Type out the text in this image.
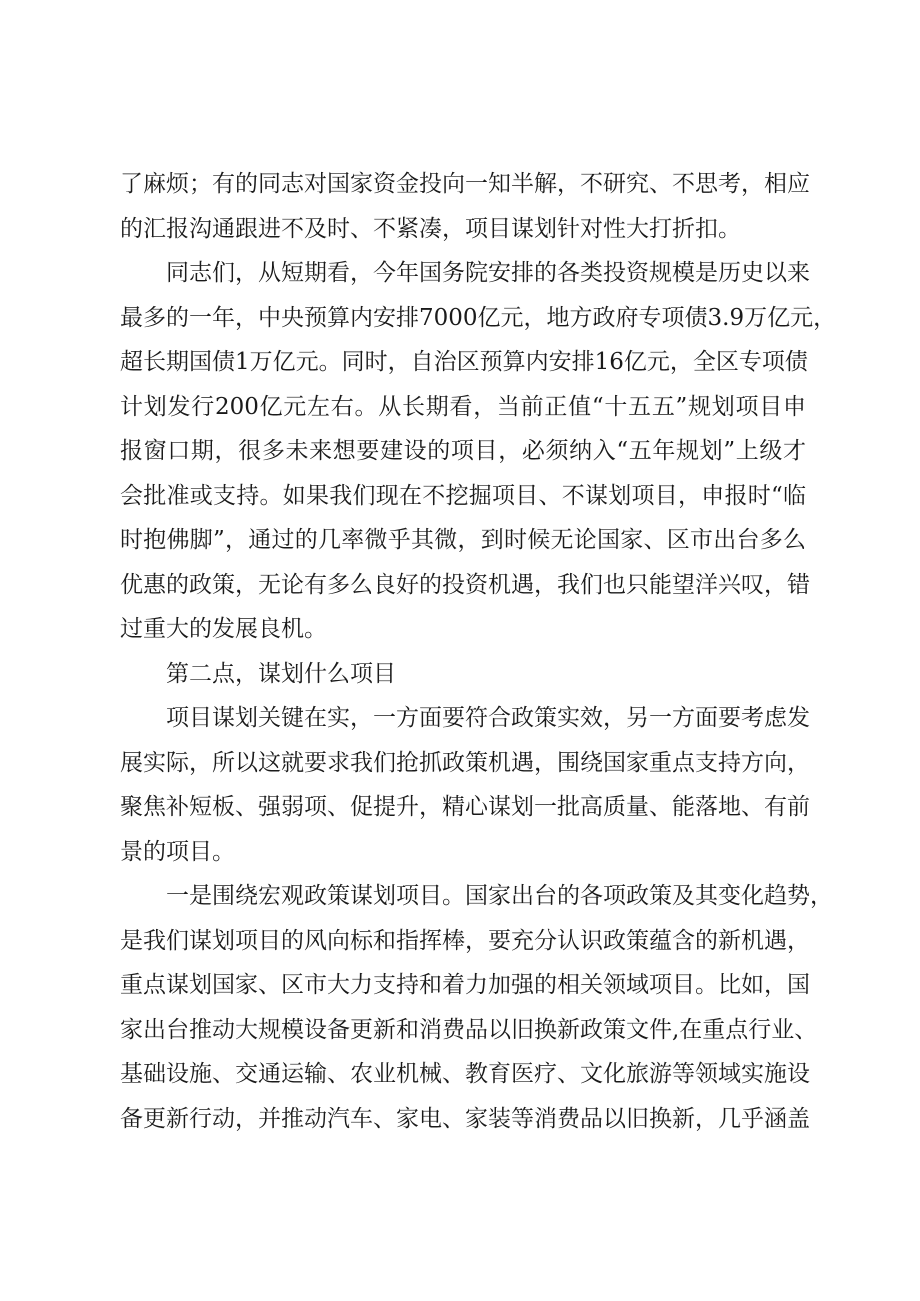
了麻烦；有的同志对国家资金投向一知半解，不研究、不思考，相应
的汇报沟通跟进不及时、不紧凑，项目谋划针对性大打折扣。
同志们，从短期看，今年国务院安排的各类投资规模是历史以来
最多的一年，中央预算内安排7000亿元，地方政府专项债3.9万亿元，
超长期国债1万亿元。同时，自治区预算内安排16亿元，全区专项债
计划发行200亿元左右。从长期看，当前正值“十五五”规划项目申
报窗口期，很多未来想要建设的项目，必须纳入“五年规划”上级才
会批准或支持。如果我们现在不挖掘项目、不谋划项目，申报时“临
时抱佛脚”，通过的几率微乎其微，到时候无论国家、区市出台多么
优惠的政策，无论有多么良好的投资机遇，我们也只能望洋兴叹，错
过重大的发展良机。
第二点，谋划什么项目
项目谋划关键在实，一方面要符合政策实效，另一方面要考虑发
展实际，所以这就要求我们抢抓政策机遇，围绕国家重点支持方向，
聚焦补短板、强弱项、促提升，精心谋划一批高质量、能落地、有前
景的项目。
一是围绕宏观政策谋划项目。国家出台的各项政策及其变化趋势，
是我们谋划项目的风向标和指挥棒，要充分认识政策蕴含的新机遇，
重点谋划国家、区市大力支持和着力加强的相关领域项目。比如，国
家出台推动大规模设备更新和消费品以旧换新政策文件,在重点行业、
基础设施、交通运输、农业机械、教育医疗、文化旅游等领域实施设
备更新行动，并推动汽车、家电、家装等消费品以旧换新，几乎涵盖
